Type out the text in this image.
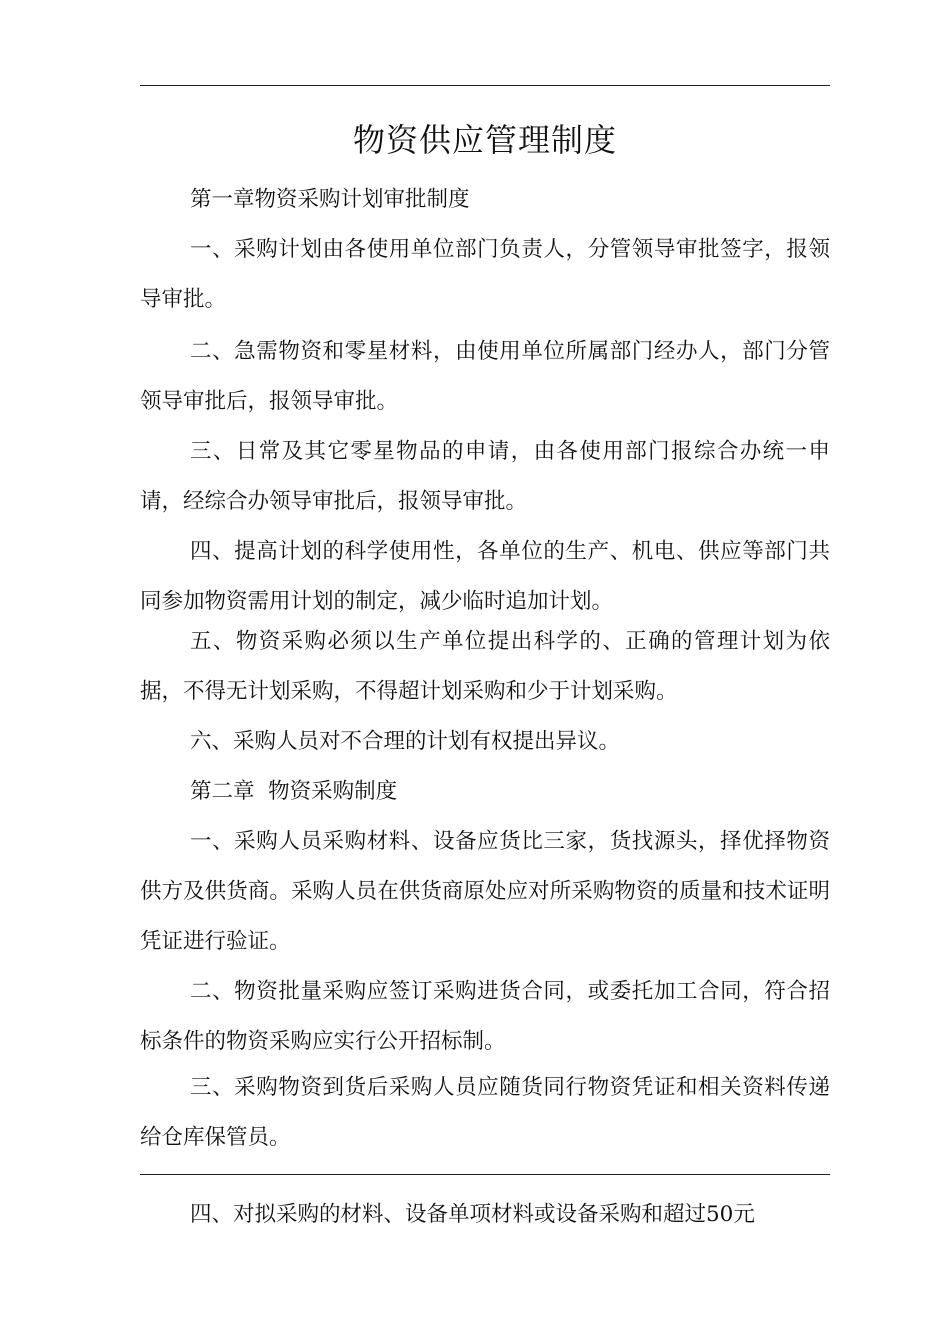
物资供应管理制度
第一章物资采购计划审批制度
一、采购计划由各使用单位部门负责人，分管领导审批签字，报领导审批。
二、急需物资和零星材料，由使用单位所属部门经办人，部门分管领导审批后，报领导审批。
三、日常及其它零星物品的申请，由各使用部门报综合办统一申请，经综合办领导审批后，报领导审批。
四、提高计划的科学使用性，各单位的生产、机电、供应等部门共同参加物资需用计划的制定，减少临时追加计划。
五、物资采购必须以生产单位提出科学的、正确的管理计划为依据，不得无计划采购，不得超计划采购和少于计划采购。
六、采购人员对不合理的计划有权提出异议。
第二章  物资采购制度
一、采购人员采购材料、设备应货比三家，货找源头，择优择物资供方及供货商。采购人员在供货商原处应对所采购物资的质量和技术证明凭证进行验证。
二、物资批量采购应签订采购进货合同，或委托加工合同，符合招标条件的物资采购应实行公开招标制。
三、采购物资到货后采购人员应随货同行物资凭证和相关资料传递给仓库保管员。
四、对拟采购的材料、设备单项材料或设备采购和超过50元
